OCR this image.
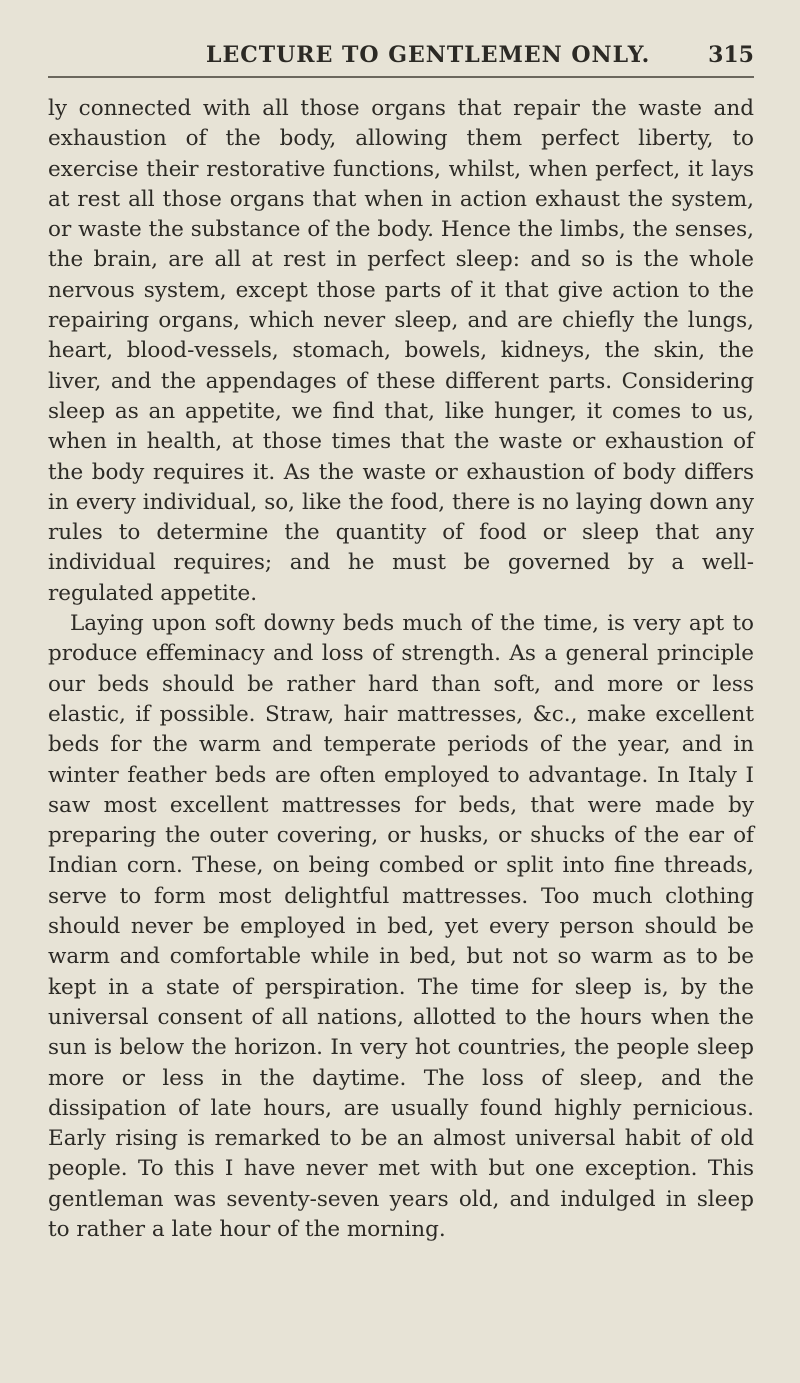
LECTURE TO GENTLEMEN ONLY.	315

ly connected with all those organs that repair the waste and exhaustion of the body, allowing them perfect liberty, to exercise their restorative functions, whilst, when perfect, it lays at rest all those organs that when in action exhaust the system, or waste the substance of the body. Hence the limbs, the senses, the brain, are all at rest in perfect sleep: and so is the whole nervous system, except those parts of it that give action to the repairing organs, which never sleep, and are chiefly the lungs, heart, blood-vessels, stomach, bowels, kidneys, the skin, the liver, and the appendages of these different parts. Considering sleep as an appetite, we find that, like hunger, it comes to us, when in health, at those times that the waste or exhaustion of the body requires it. As the waste or exhaustion of body differs in every individual, so, like the food, there is no laying down any rules to determine the quantity of food or sleep that any individual requires; and he must be governed by a well-regulated appetite.

Laying upon soft downy beds much of the time, is very apt to produce effeminacy and loss of strength. As a general principle our beds should be rather hard than soft, and more or less elastic, if possible. Straw, hair mattresses, &c., make excellent beds for the warm and temperate periods of the year, and in winter feather beds are often employed to advantage. In Italy I saw most excellent mattresses for beds, that were made by preparing the outer covering, or husks, or shucks of the ear of Indian corn. These, on being combed or split into fine threads, serve to form most delightful mattresses. Too much clothing should never be employed in bed, yet every person should be warm and comfortable while in bed, but not so warm as to be kept in a state of perspiration. The time for sleep is, by the universal consent of all nations, allotted to the hours when the sun is below the horizon. In very hot countries, the people sleep more or less in the daytime. The loss of sleep, and the dissipation of late hours, are usually found highly pernicious. Early rising is remarked to be an almost universal habit of old people. To this I have never met with but one exception. This gentleman was seventy-seven years old, and indulged in sleep to rather a late hour of the morning.
